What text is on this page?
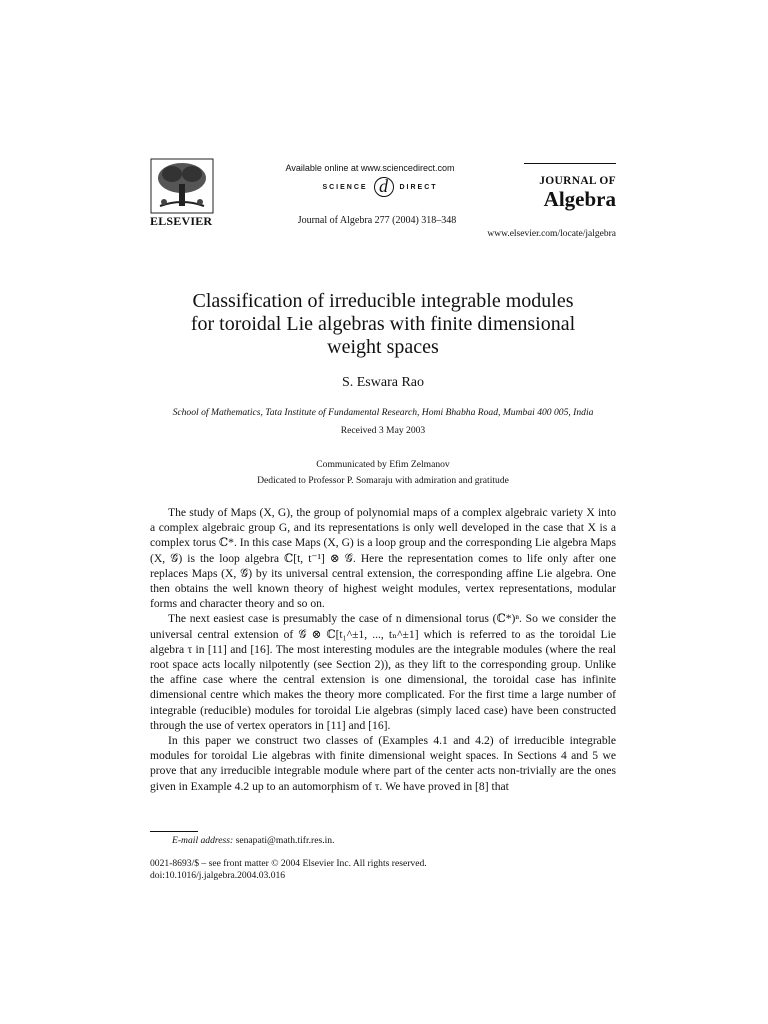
ELSEVIER
Available online at www.sciencedirect.com
SCIENCE d DIRECT
Journal of Algebra 277 (2004) 318–348
JOURNAL OF
Algebra
www.elsevier.com/locate/jalgebra
Classification of irreducible integrable modules
for toroidal Lie algebras with finite dimensional
weight spaces
S. Eswara Rao
School of Mathematics, Tata Institute of Fundamental Research, Homi Bhabha Road, Mumbai 400 005, India
Received 3 May 2003
Communicated by Efim Zelmanov
Dedicated to Professor P. Somaraju with admiration and gratitude

The study of Maps (X, G), the group of polynomial maps of a complex algebraic variety X into a complex algebraic group G, and its representations is only well developed in the case that X is a complex torus ℂ*. In this case Maps (X, G) is a loop group and the corresponding Lie algebra Maps (X, 𝒢̇) is the loop algebra ℂ[t, t⁻¹] ⊗ 𝒢̇. Here the representation comes to life only after one replaces Maps (X, 𝒢̇) by its universal central extension, the corresponding affine Lie algebra. One then obtains the well known theory of highest weight modules, vertex representations, modular forms and character theory and so on.

The next easiest case is presumably the case of n dimensional torus (ℂ*)ⁿ. So we consider the universal central extension of 𝒢̇ ⊗ ℂ[t₁^±1, ..., tₙ^±1] which is referred to as the toroidal Lie algebra τ in [11] and [16]. The most interesting modules are the integrable modules (where the real root space acts locally nilpotently (see Section 2)), as they lift to the corresponding group. Unlike the affine case where the central extension is one dimensional, the toroidal case has infinite dimensional centre which makes the theory more complicated. For the first time a large number of integrable (reducible) modules for toroidal Lie algebras (simply laced case) have been constructed through the use of vertex operators in [11] and [16].

In this paper we construct two classes of (Examples 4.1 and 4.2) of irreducible integrable modules for toroidal Lie algebras with finite dimensional weight spaces. In Sections 4 and 5 we prove that any irreducible integrable module where part of the center acts non-trivially are the ones given in Example 4.2 up to an automorphism of τ. We have proved in [8] that

E-mail address: senapati@math.tifr.res.in.
0021-8693/$ – see front matter © 2004 Elsevier Inc. All rights reserved.
doi:10.1016/j.jalgebra.2004.03.016
